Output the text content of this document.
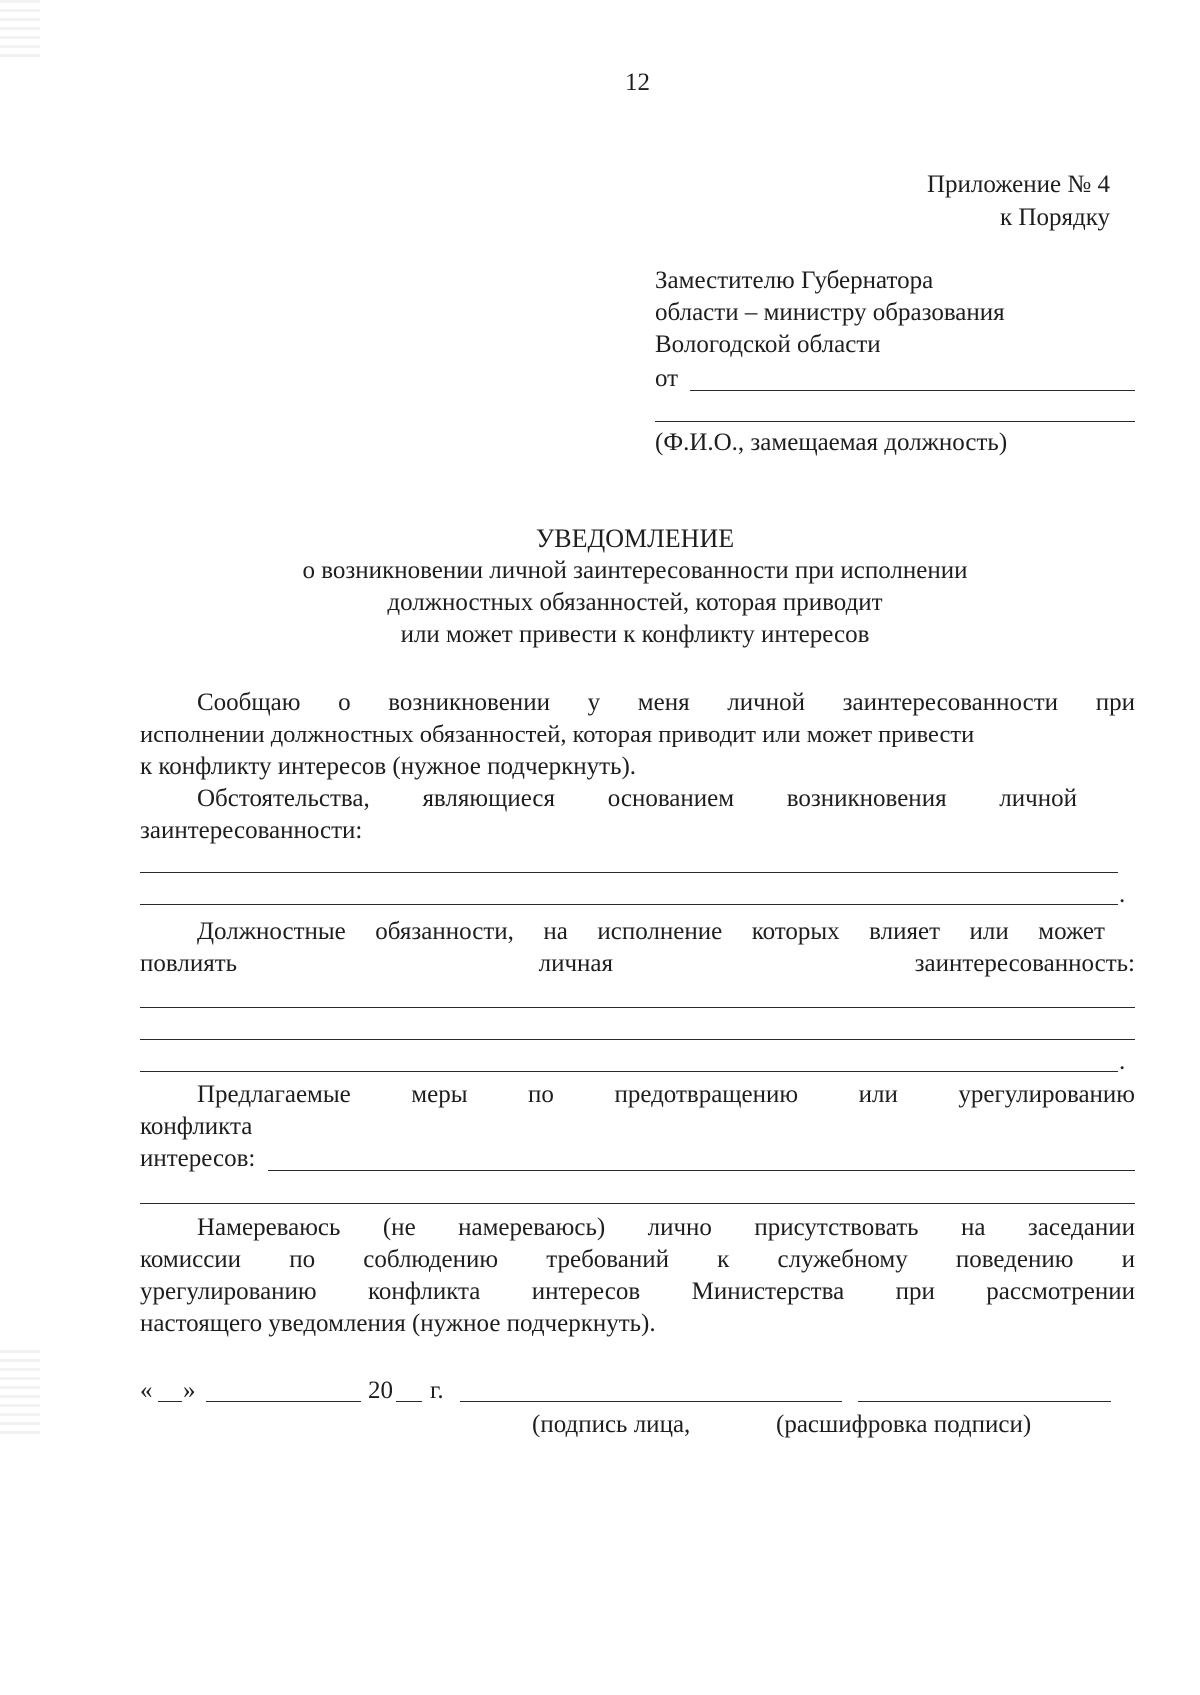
12
Приложение № 4
к Порядку
Заместителю Губернатора
области – министру образования
Вологодской области
от
(Ф.И.О., замещаемая должность)
УВЕДОМЛЕНИЕ
о возникновении личной заинтересованности при исполнении
должностных обязанностей, которая приводит
или может привести к конфликту интересов
Сообщаю о возникновении у меня личной заинтересованности при
исполнении должностных обязанностей, которая приводит или может привести
к конфликту интересов (нужное подчеркнуть).
Обстоятельства, являющиеся основанием возникновения личной
заинтересованности:
.
Должностные обязанности, на исполнение которых влияет или может
повлиять	личная	заинтересованность:
.
Предлагаемые меры по предотвращению или урегулированию
конфликта
интересов:
Намереваюсь (не намереваюсь) лично присутствовать на заседании
комиссии по соблюдению требований к служебному поведению и
урегулированию конфликта интересов Министерства при рассмотрении
настоящего уведомления (нужное подчеркнуть).
« »	20 г.
(подпись лица,	(расшифровка подписи)
